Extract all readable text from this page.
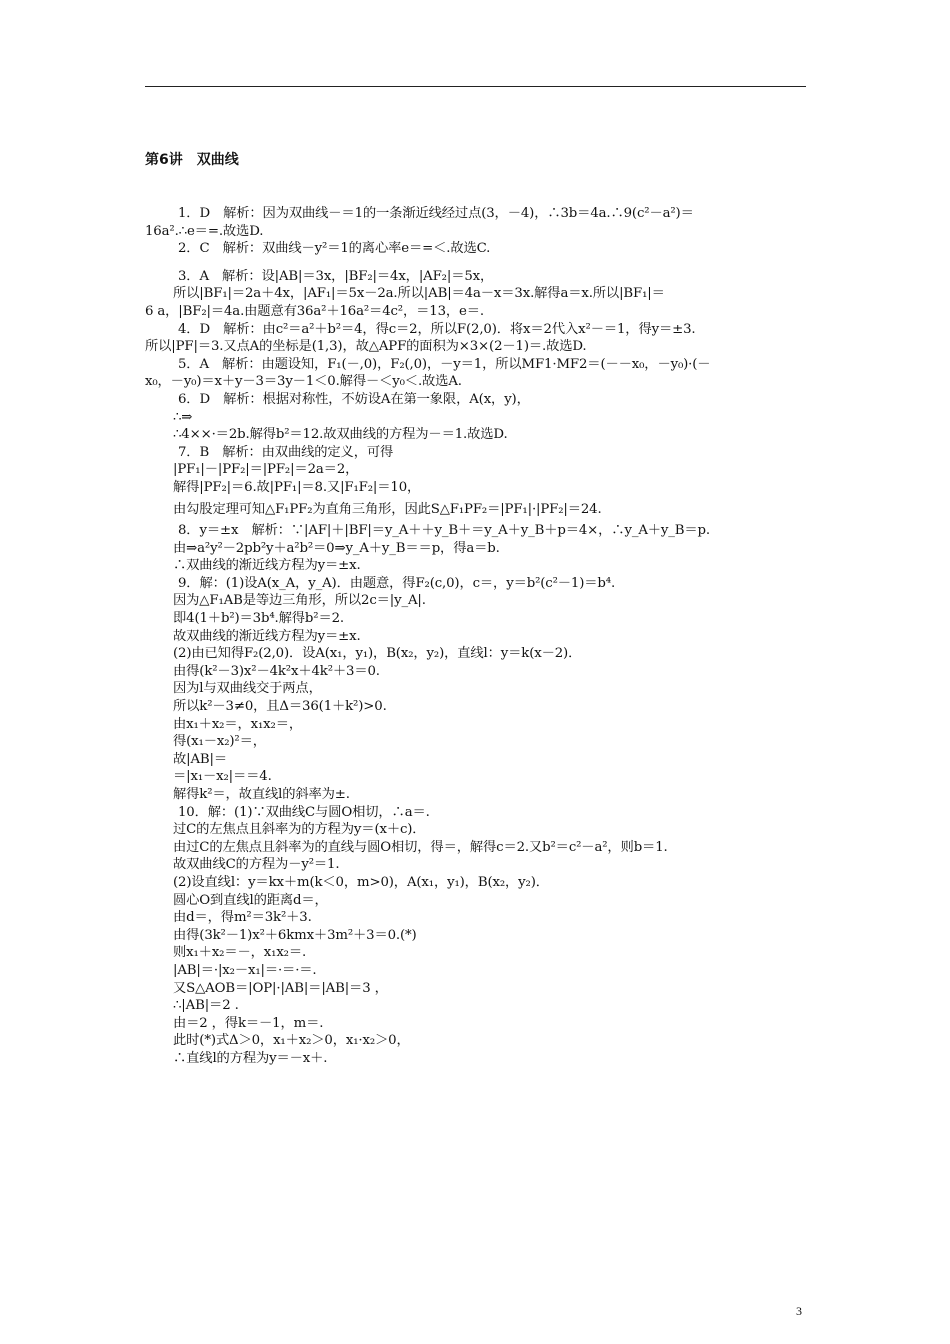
第6讲　双曲线
1．D　解析：因为双曲线－＝1的一条渐近线经过点(3，－4)，∴3b＝4a.∴9(c²－a²)＝
16a².∴e＝=.故选D.
2．C　解析：双曲线－y²＝1的离心率e＝=＜.故选C.
3．A　解析：设|AB|＝3x，|BF₂|＝4x，|AF₂|＝5x，
所以|BF₁|＝2a＋4x，|AF₁|＝5x－2a.所以|AB|＝4a－x＝3x.解得a＝x.所以|BF₁|＝
6 a，|BF₂|＝4a.由题意有36a²＋16a²＝4c²，＝13，e＝.
4．D　解析：由c²＝a²＋b²＝4，得c＝2，所以F(2,0)．将x＝2代入x²－＝1，得y＝±3.
所以|PF|＝3.又点A的坐标是(1,3)，故△APF的面积为×3×(2－1)＝.故选D.
5．A　解析：由题设知，F₁(－,0)，F₂(,0)，－y＝1，所以MF1·MF2＝(－－x₀，－y₀)·(－
x₀，－y₀)＝x＋y－3＝3y－1＜0.解得－＜y₀＜.故选A.
6．D　解析：根据对称性，不妨设A在第一象限，A(x，y)，
∴⇒
∴4××·＝2b.解得b²＝12.故双曲线的方程为－＝1.故选D.
7．B　解析：由双曲线的定义，可得
|PF₁|－|PF₂|＝|PF₂|＝2a＝2，
解得|PF₂|＝6.故|PF₁|＝8.又|F₁F₂|＝10，
由勾股定理可知△F₁PF₂为直角三角形，因此S△F₁PF₂＝|PF₁|·|PF₂|＝24.
8．y＝±x　解析：∵|AF|＋|BF|＝y_A＋＋y_B＋＝y_A＋y_B＋p＝4×，∴y_A＋y_B＝p.
由⇒a²y²－2pb²y＋a²b²＝0⇒y_A＋y_B＝＝p，得a＝b.
∴双曲线的渐近线方程为y＝±x.
9．解：(1)设A(x_A，y_A)．由题意，得F₂(c,0)，c＝，y＝b²(c²－1)＝b⁴.
因为△F₁AB是等边三角形，所以2c＝|y_A|.
即4(1＋b²)＝3b⁴.解得b²＝2.
故双曲线的渐近线方程为y＝±x.
(2)由已知得F₂(2,0)．设A(x₁，y₁)，B(x₂，y₂)，直线l：y＝k(x－2)．
由得(k²－3)x²－4k²x＋4k²＋3＝0.
因为l与双曲线交于两点，
所以k²－3≠0，且Δ＝36(1＋k²)>0.
由x₁＋x₂＝，x₁x₂＝，
得(x₁－x₂)²＝，
故|AB|＝
＝|x₁－x₂|＝＝4.
解得k²＝，故直线l的斜率为±.
10．解：(1)∵双曲线C与圆O相切，∴a＝.
过C的左焦点且斜率为的方程为y＝(x＋c)．
由过C的左焦点且斜率为的直线与圆O相切，得＝，解得c＝2.又b²＝c²－a²，则b＝1.
故双曲线C的方程为－y²＝1.
(2)设直线l：y＝kx＋m(k＜0，m>0)，A(x₁，y₁)，B(x₂，y₂)．
圆心O到直线l的距离d＝，
由d＝，得m²＝3k²＋3.
由得(3k²－1)x²＋6kmx＋3m²＋3＝0.(*)
则x₁＋x₂＝－，x₁x₂＝.
|AB|＝·|x₂－x₁|＝·＝·＝.
又S△AOB＝|OP|·|AB|＝|AB|＝3 ，
∴|AB|＝2 .
由＝2 ，得k＝－1，m＝.
此时(*)式Δ＞0，x₁＋x₂＞0，x₁·x₂＞0，
∴直线l的方程为y＝－x＋.
3
